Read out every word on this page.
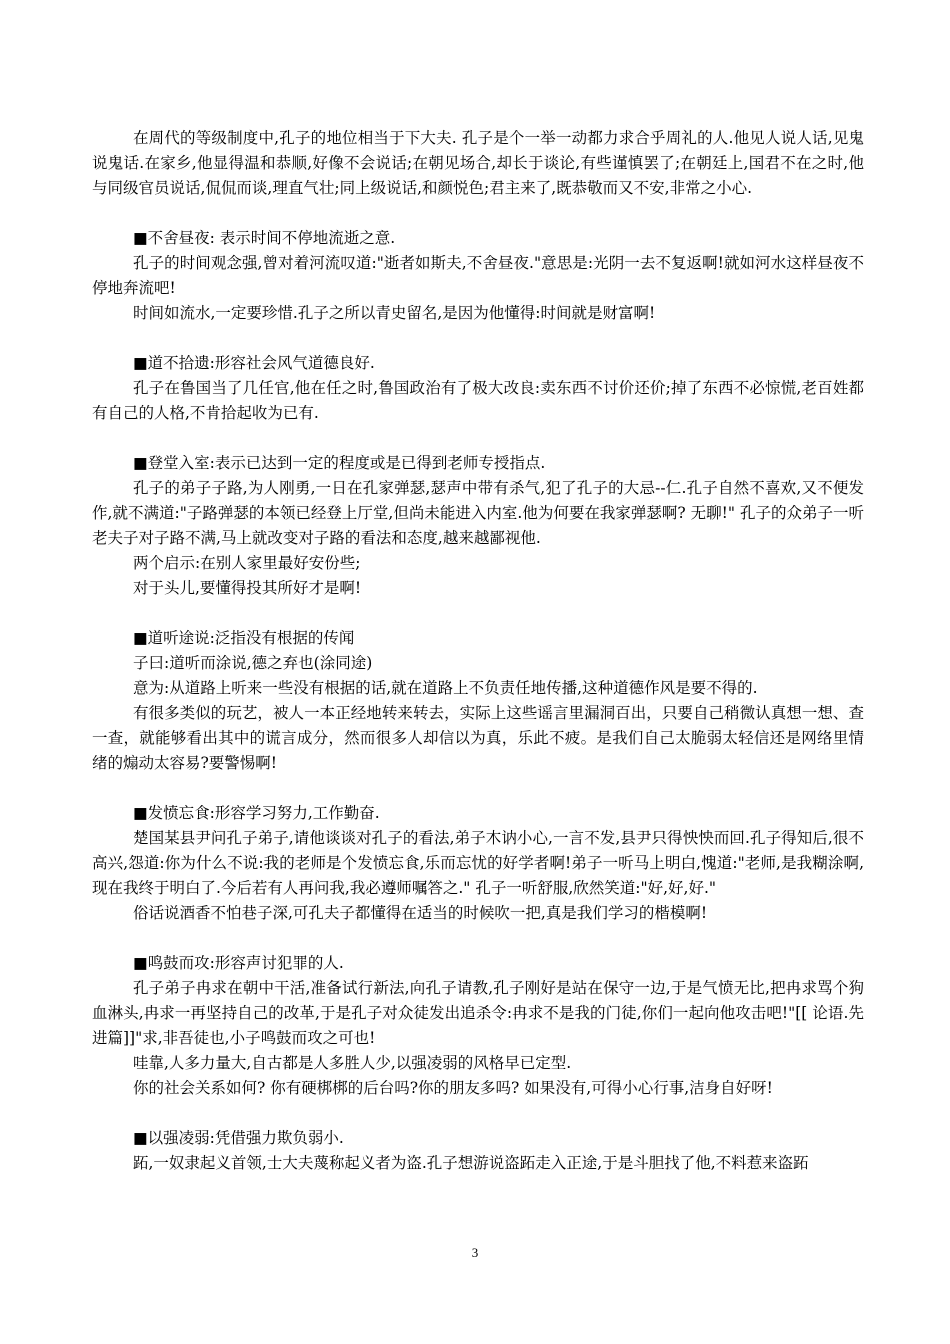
在周代的等级制度中,孔子的地位相当于下大夫. 孔子是个一举一动都力求合乎周礼的人.他见人说人话,见鬼说鬼话.在家乡,他显得温和恭顺,好像不会说话;在朝见场合,却长于谈论,有些谨慎罢了;在朝廷上,国君不在之时,他与同级官员说话,侃侃而谈,理直气壮;同上级说话,和颜悦色;君主来了,既恭敬而又不安,非常之小心.

■不舍昼夜: 表示时间不停地流逝之意.

孔子的时间观念强,曾对着河流叹道:"逝者如斯夫,不舍昼夜."意思是:光阴一去不复返啊!就如河水这样昼夜不停地奔流吧!

时间如流水,一定要珍惜.孔子之所以青史留名,是因为他懂得:时间就是财富啊!

■道不拾遗:形容社会风气道德良好.

孔子在鲁国当了几任官,他在任之时,鲁国政治有了极大改良:卖东西不讨价还价;掉了东西不必惊慌,老百姓都有自己的人格,不肯拾起收为已有.

■登堂入室:表示已达到一定的程度或是已得到老师专授指点.

孔子的弟子子路,为人刚勇,一日在孔家弹瑟,瑟声中带有杀气,犯了孔子的大忌--仁.孔子自然不喜欢,又不便发作,就不满道:"子路弹瑟的本领已经登上厅堂,但尚未能进入内室.他为何要在我家弹瑟啊? 无聊!" 孔子的众弟子一听老夫子对子路不满,马上就改变对子路的看法和态度,越来越鄙视他.

两个启示:在别人家里最好安份些;

对于头儿,要懂得投其所好才是啊!

■道听途说:泛指没有根据的传闻

子曰:道听而涂说,德之弃也(涂同途)

意为:从道路上听来一些没有根据的话,就在道路上不负责任地传播,这种道德作风是要不得的.

有很多类似的玩艺，被人一本正经地转来转去，实际上这些谣言里漏洞百出，只要自己稍微认真想一想、查一查，就能够看出其中的谎言成分，然而很多人却信以为真，乐此不疲。是我们自己太脆弱太轻信还是网络里情绪的煽动太容易?要警惕啊!

■发愤忘食:形容学习努力,工作勤奋.

楚国某县尹问孔子弟子,请他谈谈对孔子的看法,弟子木讷小心,一言不发,县尹只得怏怏而回.孔子得知后,很不高兴,怨道:你为什么不说:我的老师是个发愤忘食,乐而忘忧的好学者啊!弟子一听马上明白,愧道:"老师,是我糊涂啊,现在我终于明白了.今后若有人再问我,我必遵师嘱答之." 孔子一听舒服,欣然笑道:"好,好,好."

俗话说酒香不怕巷子深,可孔夫子都懂得在适当的时候吹一把,真是我们学习的楷模啊!

■鸣鼓而攻:形容声讨犯罪的人.

孔子弟子冉求在朝中干活,准备试行新法,向孔子请教,孔子刚好是站在保守一边,于是气愤无比,把冉求骂个狗血淋头,冉求一再坚持自己的改革,于是孔子对众徒发出追杀令:冉求不是我的门徒,你们一起向他攻击吧!"[[ 论语.先进篇]]"求,非吾徒也,小子鸣鼓而攻之可也!

哇靠,人多力量大,自古都是人多胜人少,以强凌弱的风格早已定型.

你的社会关系如何? 你有硬梆梆的后台吗?你的朋友多吗? 如果没有,可得小心行事,洁身自好呀!

■以强凌弱:凭借强力欺负弱小.

跖,一奴隶起义首领,士大夫蔑称起义者为盗.孔子想游说盗跖走入正途,于是斗胆找了他,不料惹来盗跖

3
